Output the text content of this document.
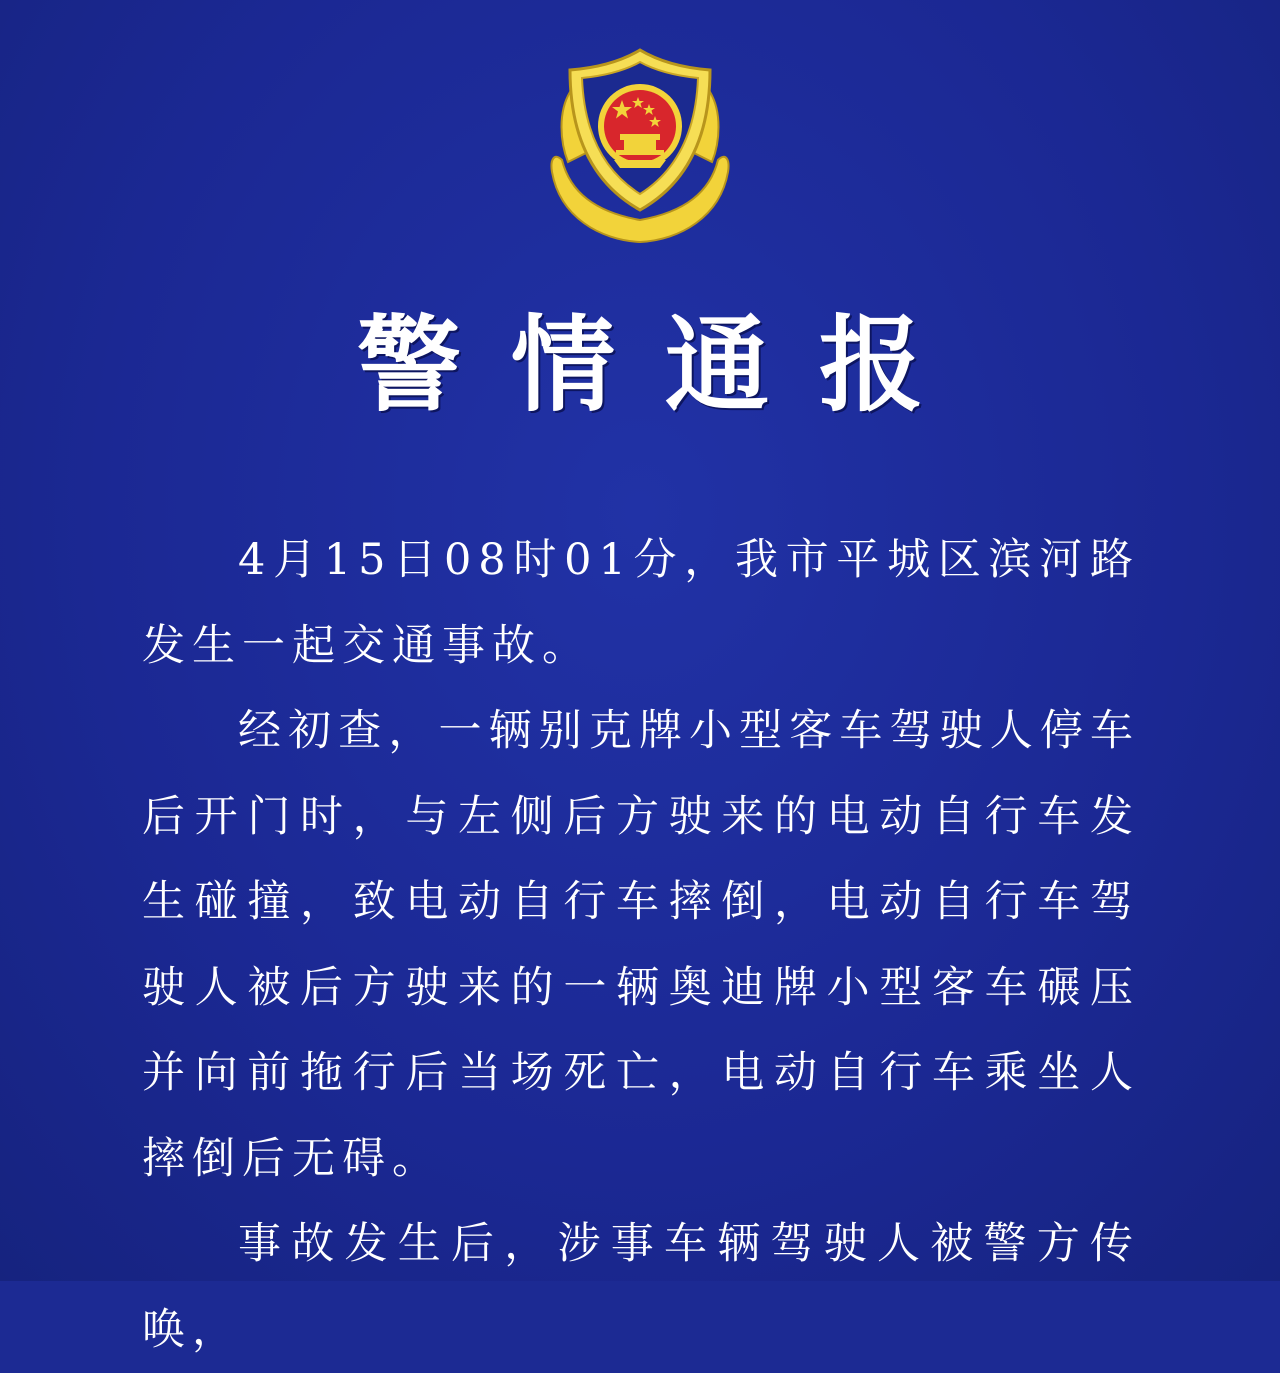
警情通报

4月15日08时01分，我市平城区滨河路发生一起交通事故。

经初查，一辆别克牌小型客车驾驶人停车后开门时，与左侧后方驶来的电动自行车发生碰撞，致电动自行车摔倒，电动自行车驾驶人被后方驶来的一辆奥迪牌小型客车碾压并向前拖行后当场死亡，电动自行车乘坐人摔倒后无碍。

事故发生后，涉事车辆驾驶人被警方传唤，
